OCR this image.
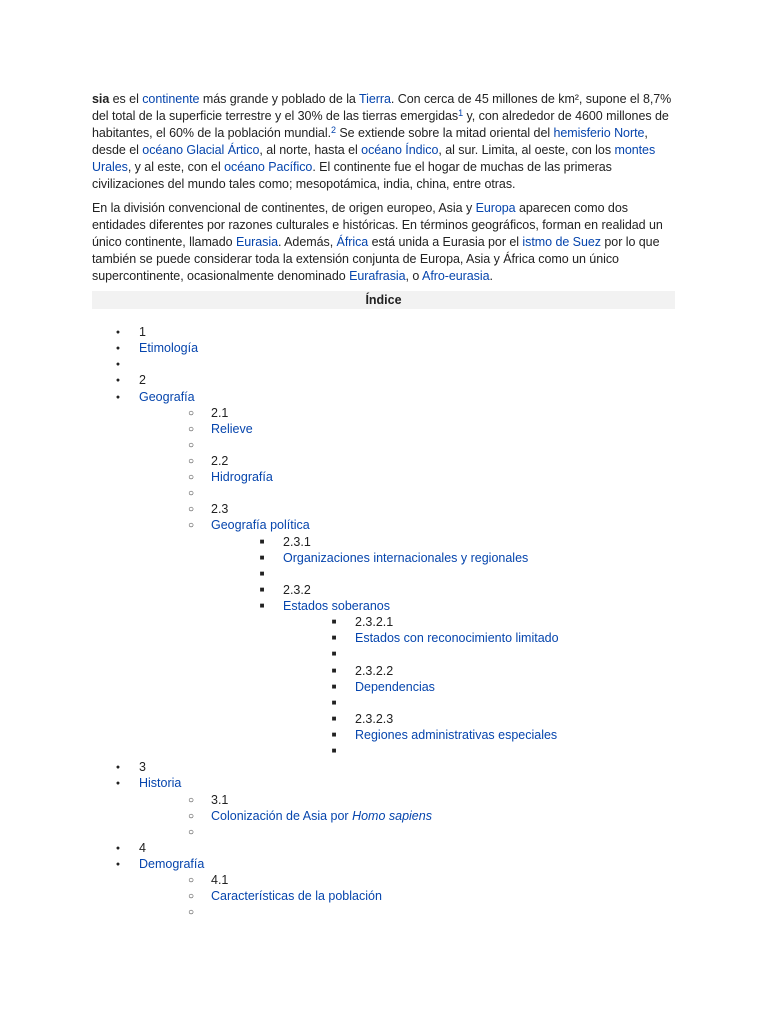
sia es el continente más grande y poblado de la Tierra. Con cerca de 45 millones de km², supone el 8,7% del total de la superficie terrestre y el 30% de las tierras emergidas$^1$ y, con alrededor de 4600 millones de habitantes, el 60% de la población mundial.$^2$ Se extiende sobre la mitad oriental del hemisferio Norte, desde el océano Glacial Ártico, al norte, hasta el océano Índico, al sur. Limita, al oeste, con los montes Urales, y al este, con el océano Pacífico. El continente fue el hogar de muchas de las primeras civilizaciones del mundo tales como; mesopotámica, india, china, entre otras.

En la división convencional de continentes, de origen europeo, Asia y Europa aparecen como dos entidades diferentes por razones culturales e históricas. En términos geográficos, forman en realidad un único continente, llamado Eurasia. Además, África está unida a Eurasia por el istmo de Suez por lo que también se puede considerar toda la extensión conjunta de Europa, Asia y África como un único supercontinente, ocasionalmente denominado Eurafrasia, o Afro-eurasia.

Índice
●
1
●
Etimología
●
●
2
●
Geografía
○
2.1
○
Relieve
○
○
2.2
○
Hidrografía
○
○
2.3
○
Geografía política
■
2.3.1
■
Organizaciones internacionales y regionales
■
■
2.3.2
■
Estados soberanos
■
2.3.2.1
■
Estados con reconocimiento limitado
■
■
2.3.2.2
■
Dependencias
■
■
2.3.2.3
■
Regiones administrativas especiales
■
●
3
●
Historia
○
3.1
○
Colonización de Asia por Homo sapiens
○
●
4
●
Demografía
○
4.1
○
Características de la población
○
